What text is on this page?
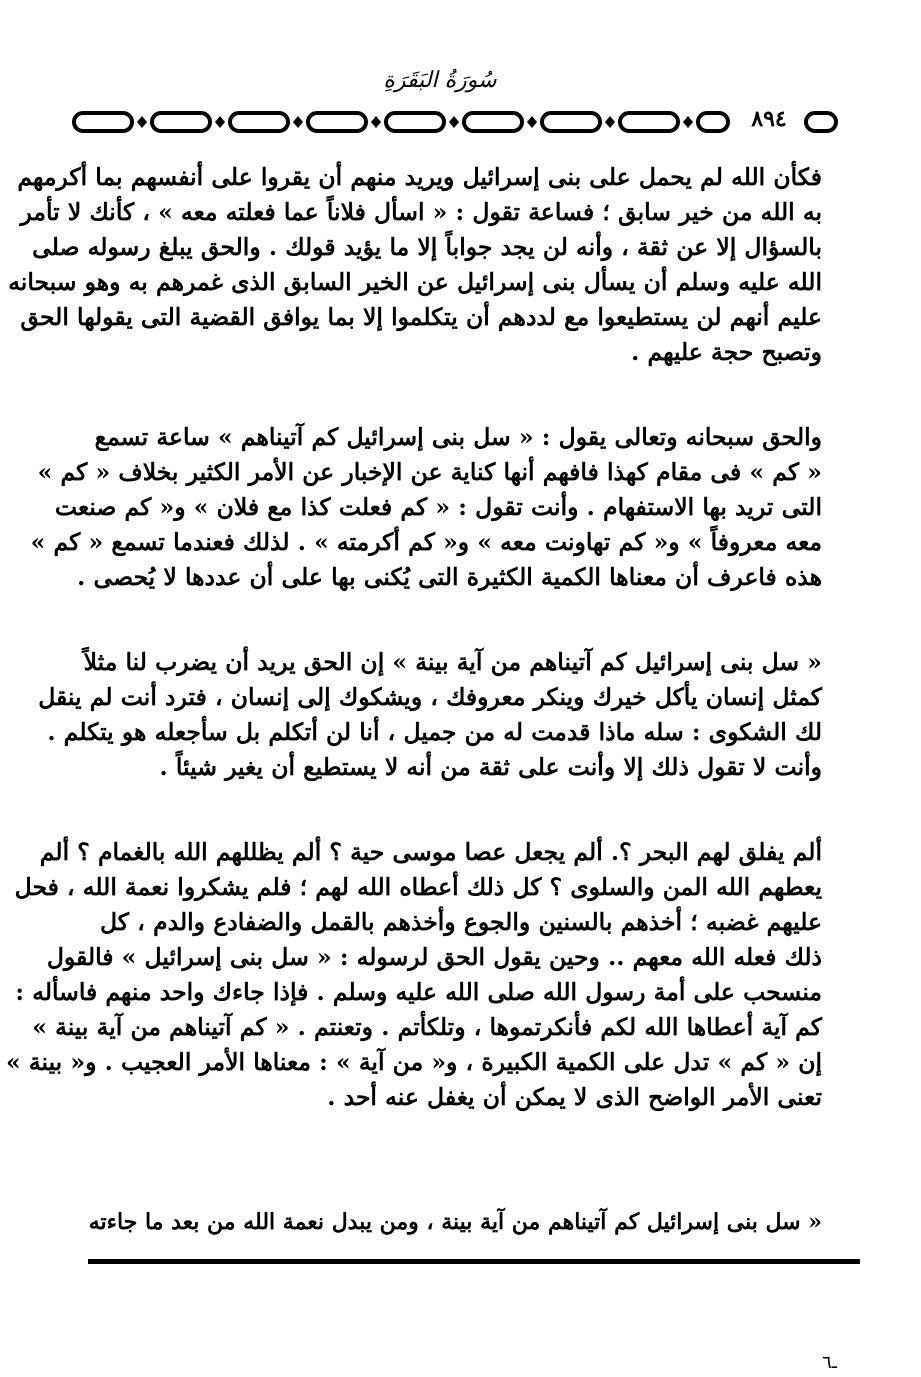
سُورَةُ البَقَرَةِ
٨٩٤
فكأن الله لم يحمل على بنى إسرائيل ويريد منهم أن يقروا على أنفسهم بما أكرمهم
به الله من خير سابق ؛ فساعة تقول : « اسأل فلاناً عما فعلته معه » ، كأنك لا تأمر
بالسؤال إلا عن ثقة ، وأنه لن يجد جواباً إلا ما يؤيد قولك . والحق يبلغ رسوله صلى
الله عليه وسلم أن يسأل بنى إسرائيل عن الخير السابق الذى غمرهم به وهو سبحانه
عليم أنهم لن يستطيعوا مع لددهم أن يتكلموا إلا بما يوافق القضية التى يقولها الحق
وتصبح حجة عليهم .
والحق سبحانه وتعالى يقول : « سل بنى إسرائيل كم آتيناهم » ساعة تسمع
« كم » فى مقام كهذا فافهم أنها كناية عن الإخبار عن الأمر الكثير بخلاف « كم »
التى تريد بها الاستفهام . وأنت تقول : « كم فعلت كذا مع فلان » و« كم صنعت
معه معروفاً » و« كم تهاونت معه » و« كم أكرمته » . لذلك فعندما تسمع « كم »
هذه فاعرف أن معناها الكمية الكثيرة التى يُكنى بها على أن عددها لا يُحصى .
« سل بنى إسرائيل كم آتيناهم من آية بينة » إن الحق يريد أن يضرب لنا مثلاً
كمثل إنسان يأكل خيرك وينكر معروفك ، ويشكوك إلى إنسان ، فترد أنت لم ينقل
لك الشكوى : سله ماذا قدمت له من جميل ، أنا لن أتكلم بل سأجعله هو يتكلم .
وأنت لا تقول ذلك إلا وأنت على ثقة من أنه لا يستطيع أن يغير شيئاً .
ألم يفلق لهم البحر ؟. ألم يجعل عصا موسى حية ؟ ألم يظللهم الله بالغمام ؟ ألم
يعطهم الله المن والسلوى ؟ كل ذلك أعطاه الله لهم ؛ فلم يشكروا نعمة الله ، فحل
عليهم غضبه ؛ أخذهم بالسنين والجوع وأخذهم بالقمل والضفادع والدم ، كل
ذلك فعله الله معهم .. وحين يقول الحق لرسوله : « سل بنى إسرائيل » فالقول
منسحب على أمة رسول الله صلى الله عليه وسلم . فإذا جاءك واحد منهم فاسأله :
كم آية أعطاها الله لكم فأنكرتموها ، وتلكأتم . وتعنتم . « كم آتيناهم من آية بينة »
إن « كم » تدل على الكمية الكبيرة ، و« من آية » : معناها الأمر العجيب . و« بينة »
تعنى الأمر الواضح الذى لا يمكن أن يغفل عنه أحد .
« سل بنى إسرائيل كم آتيناهم من آية بينة ، ومن يبدل نعمة الله من بعد ما جاءته
ـ٦
